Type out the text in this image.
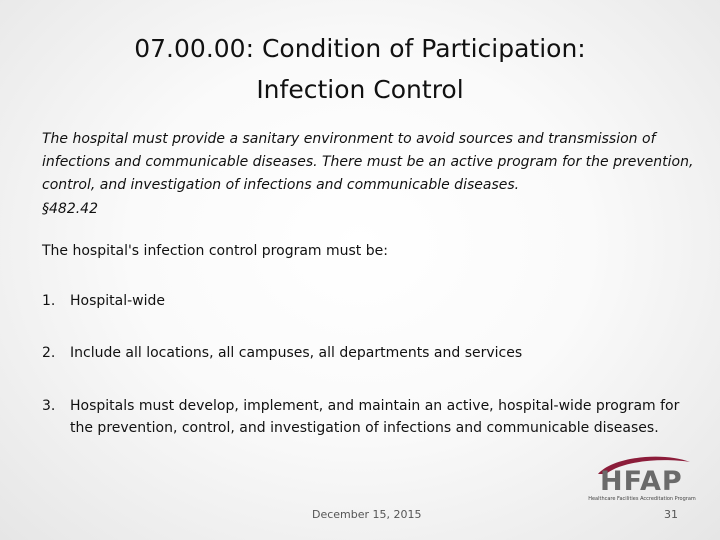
07.00.00: Condition of Participation:
Infection Control
The hospital must provide a sanitary environment to avoid sources and transmission of infections and communicable diseases. There must be an active program for the prevention, control, and investigation of infections and communicable diseases.
§482.42
The hospital's infection control program must be:
1. Hospital-wide
2. Include all locations, all campuses, all departments and services
3. Hospitals must develop, implement, and maintain an active, hospital-wide program for the prevention, control, and investigation of infections and communicable diseases.
HFAP
Healthcare Facilities Accreditation Program
December 15, 2015	31
